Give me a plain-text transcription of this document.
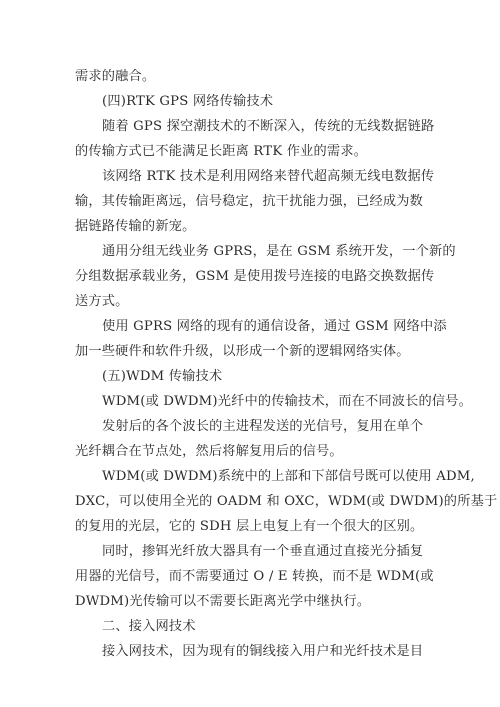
需求的融合。
(四)RTK GPS 网络传输技术
随着 GPS 探空潮技术的不断深入，传统的无线数据链路
的传输方式已不能满足长距离 RTK 作业的需求。
该网络 RTK 技术是利用网络来替代超高频无线电数据传
输，其传输距离远，信号稳定，抗干扰能力强，已经成为数
据链路传输的新宠。
通用分组无线业务 GPRS，是在 GSM 系统开发，一个新的
分组数据承载业务，GSM 是使用拨号连接的电路交换数据传
送方式。
使用 GPRS 网络的现有的通信设备，通过 GSM 网络中添
加一些硬件和软件升级，以形成一个新的逻辑网络实体。
(五)WDM 传输技术
WDM(或 DWDM)光纤中的传输技术，而在不同波长的信号。
发射后的各个波长的主进程发送的光信号，复用在单个
光纤耦合在节点处，然后将解复用后的信号。
WDM(或 DWDM)系统中的上部和下部信号既可以使用 ADM,
DXC，可以使用全光的 OADM 和 OXC，WDM(或 DWDM)的所基于
的复用的光层，它的 SDH 层上电复上有一个很大的区别。
同时，掺铒光纤放大器具有一个垂直通过直接光分插复
用器的光信号，而不需要通过 O / E 转换，而不是 WDM(或
DWDM)光传输可以不需要长距离光学中继执行。
二、接入网技术
接入网技术，因为现有的铜线接入用户和光纤技术是目
